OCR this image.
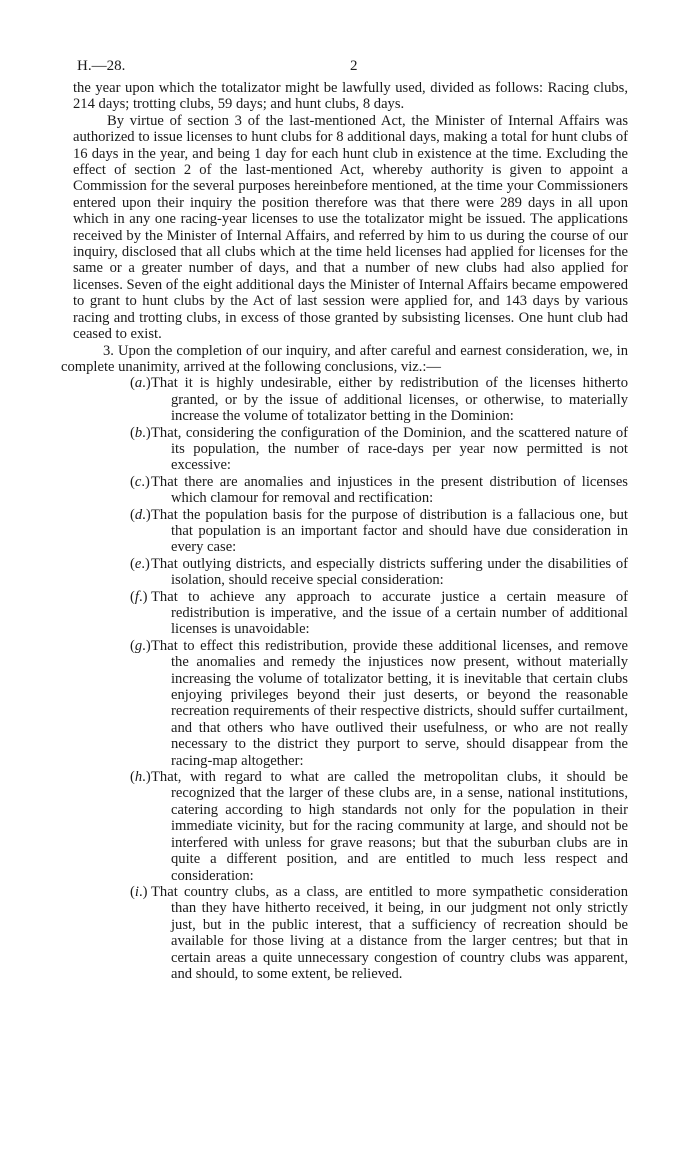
H.—28.	2

the year upon which the totalizator might be lawfully used, divided as follows: Racing clubs, 214 days; trotting clubs, 59 days; and hunt clubs, 8 days.

By virtue of section 3 of the last-mentioned Act, the Minister of Internal Affairs was authorized to issue licenses to hunt clubs for 8 additional days, making a total for hunt clubs of 16 days in the year, and being 1 day for each hunt club in existence at the time. Excluding the effect of section 2 of the last-mentioned Act, whereby authority is given to appoint a Commission for the several purposes hereinbefore mentioned, at the time your Commissioners entered upon their inquiry the position therefore was that there were 289 days in all upon which in any one racing-year licenses to use the totalizator might be issued. The applications received by the Minister of Internal Affairs, and referred by him to us during the course of our inquiry, disclosed that all clubs which at the time held licenses had applied for licenses for the same or a greater number of days, and that a number of new clubs had also applied for licenses. Seven of the eight additional days the Minister of Internal Affairs became empowered to grant to hunt clubs by the Act of last session were applied for, and 143 days by various racing and trotting clubs, in excess of those granted by subsisting licenses. One hunt club had ceased to exist.

3. Upon the completion of our inquiry, and after careful and earnest consideration, we, in complete unanimity, arrived at the following conclusions, viz.:—

(a.) That it is highly undesirable, either by redistribution of the licenses hitherto granted, or by the issue of additional licenses, or otherwise, to materially increase the volume of totalizator betting in the Dominion:
(b.) That, considering the configuration of the Dominion, and the scattered nature of its population, the number of race-days per year now permitted is not excessive:
(c.) That there are anomalies and injustices in the present distribution of licenses which clamour for removal and rectification:
(d.) That the population basis for the purpose of distribution is a fallacious one, but that population is an important factor and should have due consideration in every case:
(e.) That outlying districts, and especially districts suffering under the disabilities of isolation, should receive special consideration:
(f.) That to achieve any approach to accurate justice a certain measure of redistribution is imperative, and the issue of a certain number of additional licenses is unavoidable:
(g.) That to effect this redistribution, provide these additional licenses, and remove the anomalies and remedy the injustices now present, without materially increasing the volume of totalizator betting, it is inevitable that certain clubs enjoying privileges beyond their just deserts, or beyond the reasonable recreation requirements of their respective districts, should suffer curtailment, and that others who have outlived their usefulness, or who are not really necessary to the district they purport to serve, should disappear from the racing-map altogether:
(h.) That, with regard to what are called the metropolitan clubs, it should be recognized that the larger of these clubs are, in a sense, national institutions, catering according to high standards not only for the population in their immediate vicinity, but for the racing community at large, and should not be interfered with unless for grave reasons; but that the suburban clubs are in quite a different position, and are entitled to much less respect and consideration:
(i.) That country clubs, as a class, are entitled to more sympathetic consideration than they have hitherto received, it being, in our judgment not only strictly just, but in the public interest, that a sufficiency of recreation should be available for those living at a distance from the larger centres; but that in certain areas a quite unnecessary congestion of country clubs was apparent, and should, to some extent, be relieved.
